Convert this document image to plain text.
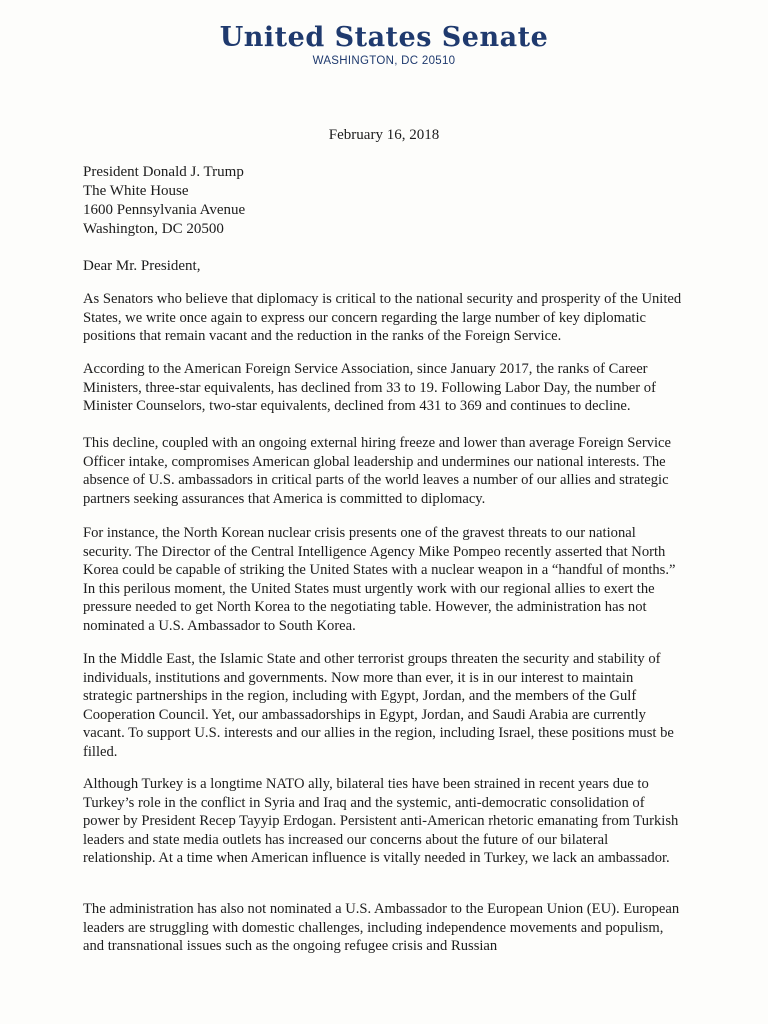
United States Senate
WASHINGTON, DC 20510
February 16, 2018
President Donald J. Trump
The White House
1600 Pennsylvania Avenue
Washington, DC 20500
Dear Mr. President,

As Senators who believe that diplomacy is critical to the national security and prosperity of the United States, we write once again to express our concern regarding the large number of key diplomatic positions that remain vacant and the reduction in the ranks of the Foreign Service.

According to the American Foreign Service Association, since January 2017, the ranks of Career Ministers, three-star equivalents, has declined from 33 to 19. Following Labor Day, the number of Minister Counselors, two-star equivalents, declined from 431 to 369 and continues to decline.

This decline, coupled with an ongoing external hiring freeze and lower than average Foreign Service Officer intake, compromises American global leadership and undermines our national interests. The absence of U.S. ambassadors in critical parts of the world leaves a number of our allies and strategic partners seeking assurances that America is committed to diplomacy.

For instance, the North Korean nuclear crisis presents one of the gravest threats to our national security. The Director of the Central Intelligence Agency Mike Pompeo recently asserted that North Korea could be capable of striking the United States with a nuclear weapon in a “handful of months.” In this perilous moment, the United States must urgently work with our regional allies to exert the pressure needed to get North Korea to the negotiating table. However, the administration has not nominated a U.S. Ambassador to South Korea.

In the Middle East, the Islamic State and other terrorist groups threaten the security and stability of individuals, institutions and governments. Now more than ever, it is in our interest to maintain strategic partnerships in the region, including with Egypt, Jordan, and the members of the Gulf Cooperation Council. Yet, our ambassadorships in Egypt, Jordan, and Saudi Arabia are currently vacant. To support U.S. interests and our allies in the region, including Israel, these positions must be filled.

Although Turkey is a longtime NATO ally, bilateral ties have been strained in recent years due to Turkey’s role in the conflict in Syria and Iraq and the systemic, anti-democratic consolidation of power by President Recep Tayyip Erdogan. Persistent anti-American rhetoric emanating from Turkish leaders and state media outlets has increased our concerns about the future of our bilateral relationship. At a time when American influence is vitally needed in Turkey, we lack an ambassador.

The administration has also not nominated a U.S. Ambassador to the European Union (EU). European leaders are struggling with domestic challenges, including independence movements and populism, and transnational issues such as the ongoing refugee crisis and Russian
